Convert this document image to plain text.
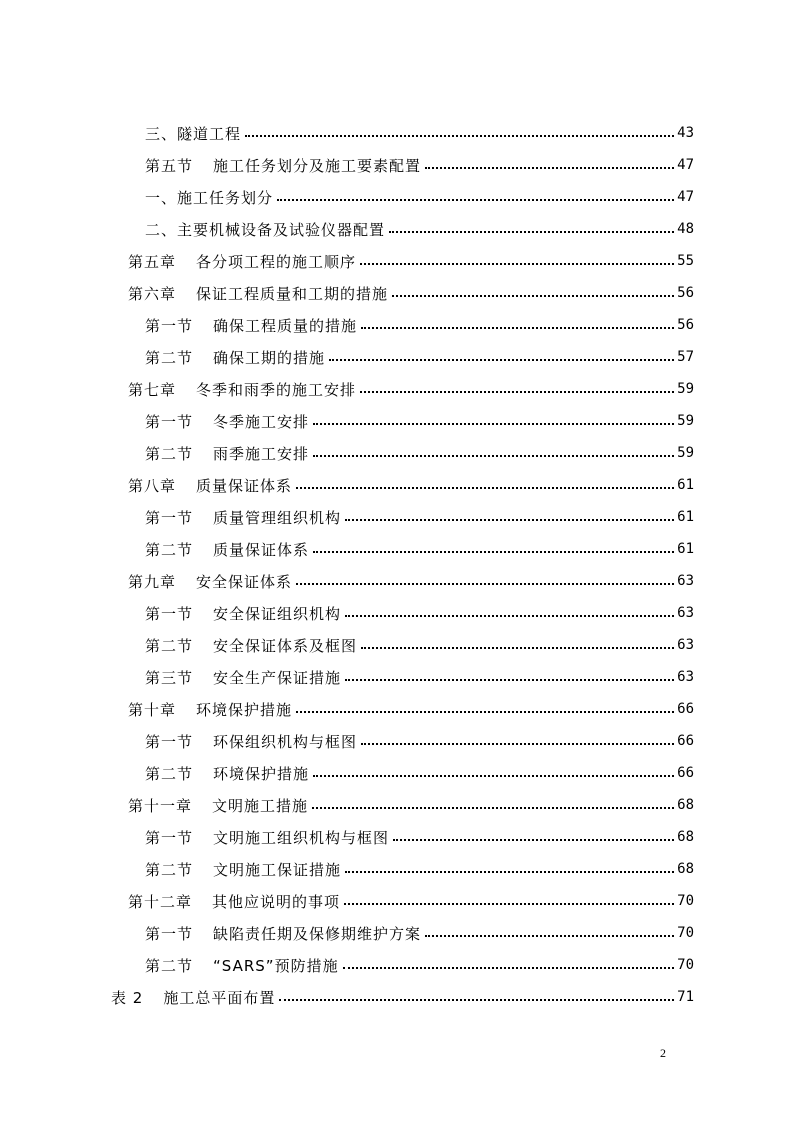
三、隧道工程	43
第五节 施工任务划分及施工要素配置	47
一、施工任务划分	47
二、主要机械设备及试验仪器配置	48
第五章 各分项工程的施工顺序	55
第六章 保证工程质量和工期的措施	56
第一节 确保工程质量的措施	56
第二节 确保工期的措施	57
第七章 冬季和雨季的施工安排	59
第一节 冬季施工安排	59
第二节 雨季施工安排	59
第八章 质量保证体系	61
第一节 质量管理组织机构	61
第二节 质量保证体系	61
第九章 安全保证体系	63
第一节 安全保证组织机构	63
第二节 安全保证体系及框图	63
第三节 安全生产保证措施	63
第十章 环境保护措施	66
第一节 环保组织机构与框图	66
第二节 环境保护措施	66
第十一章 文明施工措施	68
第一节 文明施工组织机构与框图	68
第二节 文明施工保证措施	68
第十二章 其他应说明的事项	70
第一节 缺陷责任期及保修期维护方案	70
第二节 “SARS”预防措施	70
表 2 施工总平面布置	71
2
